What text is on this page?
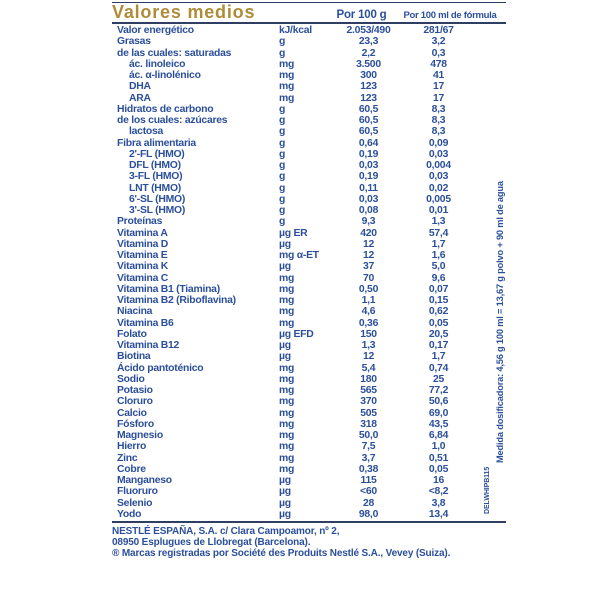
Valores medios	Por 100 g	Por 100 ml de fórmula
Valor energético	kJ/kcal	2.053/490	281/67
Grasas	g	23,3	3,2
de las cuales: saturadas	g	2,2	0,3
ác. linoleico	mg	3.500	478
ác. α-linolénico	mg	300	41
DHA	mg	123	17
ARA	mg	123	17
Hidratos de carbono	g	60,5	8,3
de los cuales: azúcares	g	60,5	8,3
lactosa	g	60,5	8,3
Fibra alimentaria	g	0,64	0,09
2'-FL (HMO)	g	0,19	0,03
DFL (HMO)	g	0,03	0,004
3-FL (HMO)	g	0,19	0,03
LNT (HMO)	g	0,11	0,02
6'-SL (HMO)	g	0,03	0,005
3'-SL (HMO)	g	0,08	0,01
Proteínas	g	9,3	1,3
Vitamina A	µg ER	420	57,4
Vitamina D	µg	12	1,7
Vitamina E	mg α-ET	12	1,6
Vitamina K	µg	37	5,0
Vitamina C	mg	70	9,6
Vitamina B1 (Tiamina)	mg	0,50	0,07
Vitamina B2 (Riboflavina)	mg	1,1	0,15
Niacina	mg	4,6	0,62
Vitamina B6	mg	0,36	0,05
Folato	µg EFD	150	20,5
Vitamina B12	µg	1,3	0,17
Biotina	µg	12	1,7
Ácido pantoténico	mg	5,4	0,74
Sodio	mg	180	25
Potasio	mg	565	77,2
Cloruro	mg	370	50,6
Calcio	mg	505	69,0
Fósforo	mg	318	43,5
Magnesio	mg	50,0	6,84
Hierro	mg	7,5	1,0
Zinc	mg	3,7	0,51
Cobre	mg	0,38	0,05
Manganeso	µg	115	16
Fluoruro	µg	<60	<8,2
Selenio	µg	28	3,8
Yodo	µg	98,0	13,4
NESTLÉ ESPAÑA, S.A. c/ Clara Campoamor, nº 2,
08950 Esplugues de Llobregat (Barcelona).
® Marcas registradas por Société des Produits Nestlé S.A., Vevey (Suiza).
Medida dosificadora: 4,56 g 100 ml = 13,67 g polvo + 90 ml de agua
DELWHIPB115
